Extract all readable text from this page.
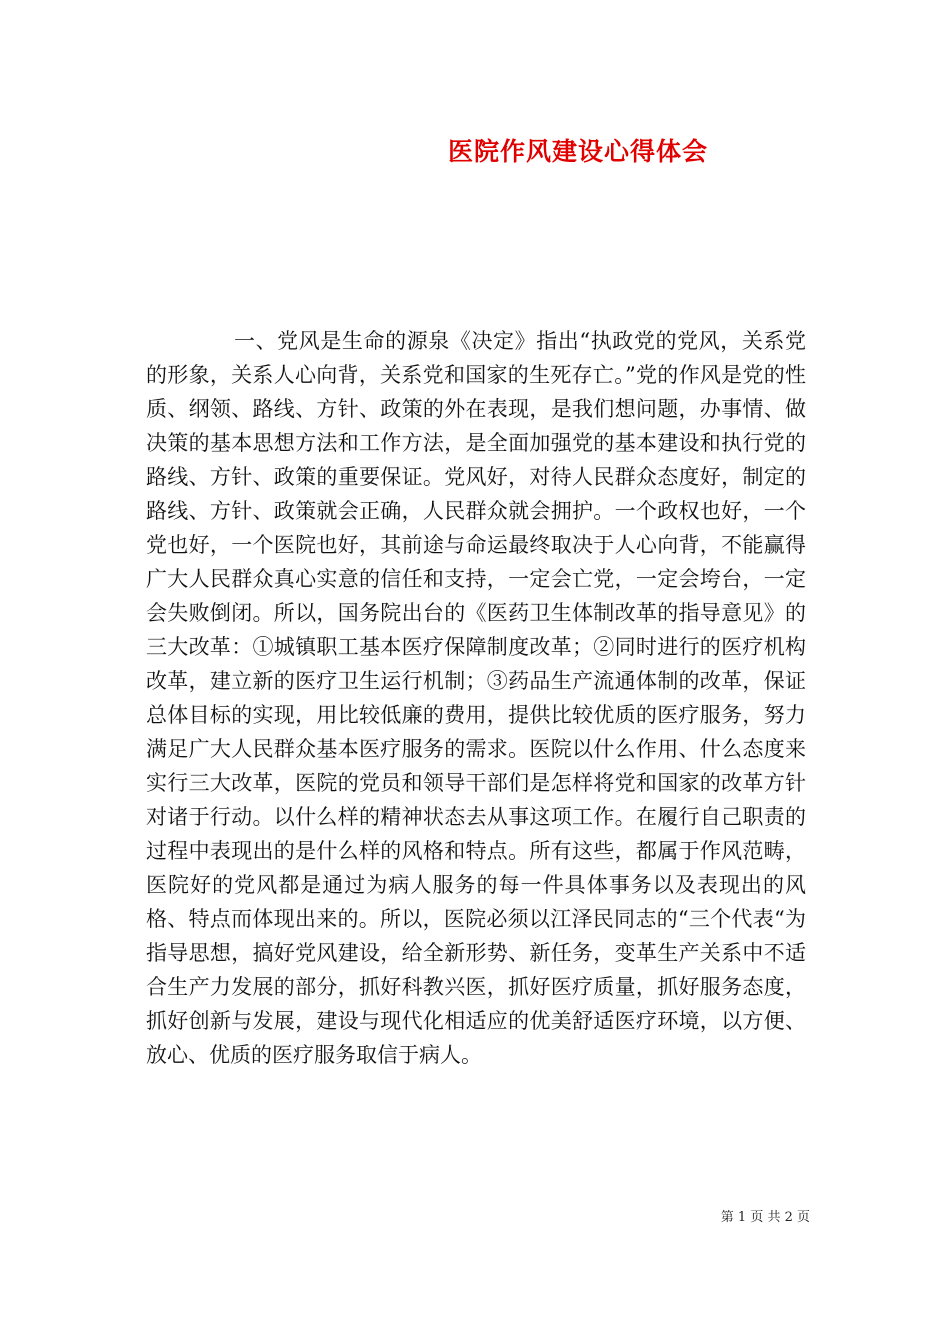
医院作风建设心得体会

一、党风是生命的源泉《决定》指出“执政党的党风，关系党的形象，关系人心向背，关系党和国家的生死存亡。”党的作风是党的性质、纲领、路线、方针、政策的外在表现，是我们想问题，办事情、做决策的基本思想方法和工作方法，是全面加强党的基本建设和执行党的路线、方针、政策的重要保证。党风好，对待人民群众态度好，制定的路线、方针、政策就会正确，人民群众就会拥护。一个政权也好，一个党也好，一个医院也好，其前途与命运最终取决于人心向背，不能赢得广大人民群众真心实意的信任和支持，一定会亡党，一定会垮台，一定会失败倒闭。所以，国务院出台的《医药卫生体制改革的指导意见》的三大改革：①城镇职工基本医疗保障制度改革；②同时进行的医疗机构改革，建立新的医疗卫生运行机制；③药品生产流通体制的改革，保证总体目标的实现，用比较低廉的费用，提供比较优质的医疗服务，努力满足广大人民群众基本医疗服务的需求。医院以什么作用、什么态度来实行三大改革，医院的党员和领导干部们是怎样将党和国家的改革方针对诸于行动。以什么样的精神状态去从事这项工作。在履行自己职责的过程中表现出的是什么样的风格和特点。所有这些，都属于作风范畴，医院好的党风都是通过为病人服务的每一件具体事务以及表现出的风格、特点而体现出来的。所以，医院必须以江泽民同志的“三个代表“为指导思想，搞好党风建设，给全新形势、新任务，变革生产关系中不适合生产力发展的部分，抓好科教兴医，抓好医疗质量，抓好服务态度，抓好创新与发展，建设与现代化相适应的优美舒适医疗环境，以方便、放心、优质的医疗服务取信于病人。

第 1 页 共 2 页
